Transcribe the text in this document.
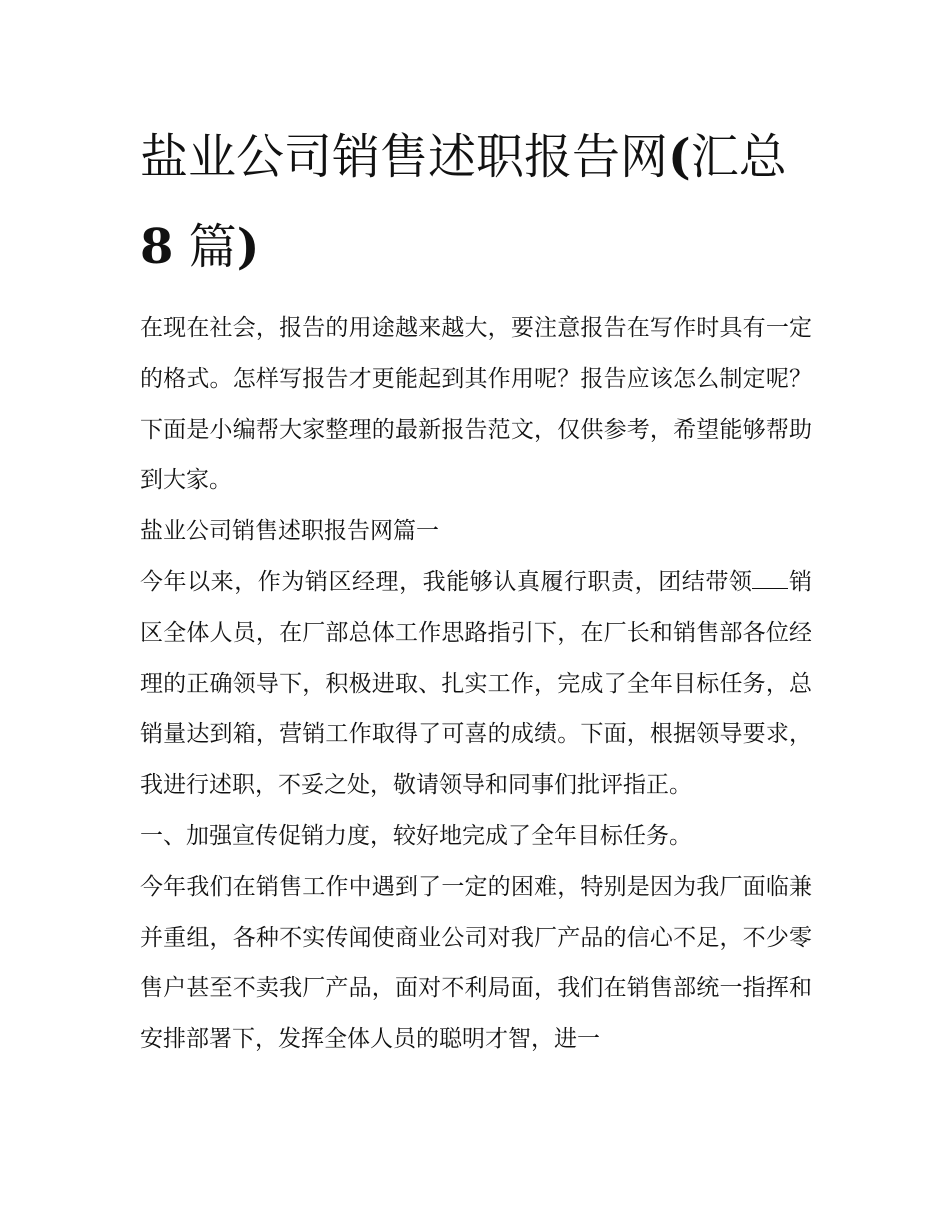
盐业公司销售述职报告网(汇总
8 篇)

在现在社会，报告的用途越来越大，要注意报告在写作时具有一定的格式。怎样写报告才更能起到其作用呢？报告应该怎么制定呢？下面是小编帮大家整理的最新报告范文，仅供参考，希望能够帮助到大家。

盐业公司销售述职报告网篇一

今年以来，作为销区经理，我能够认真履行职责，团结带领 销区全体人员，在厂部总体工作思路指引下，在厂长和销售部各位经理的正确领导下，积极进取、扎实工作，完成了全年目标任务，总销量达到箱，营销工作取得了可喜的成绩。下面，根据领导要求，我进行述职，不妥之处，敬请领导和同事们批评指正。

一、加强宣传促销力度，较好地完成了全年目标任务。

今年我们在销售工作中遇到了一定的困难，特别是因为我厂面临兼并重组，各种不实传闻使商业公司对我厂产品的信心不足，不少零售户甚至不卖我厂产品，面对不利局面，我们在销售部统一指挥和安排部署下，发挥全体人员的聪明才智，进一
